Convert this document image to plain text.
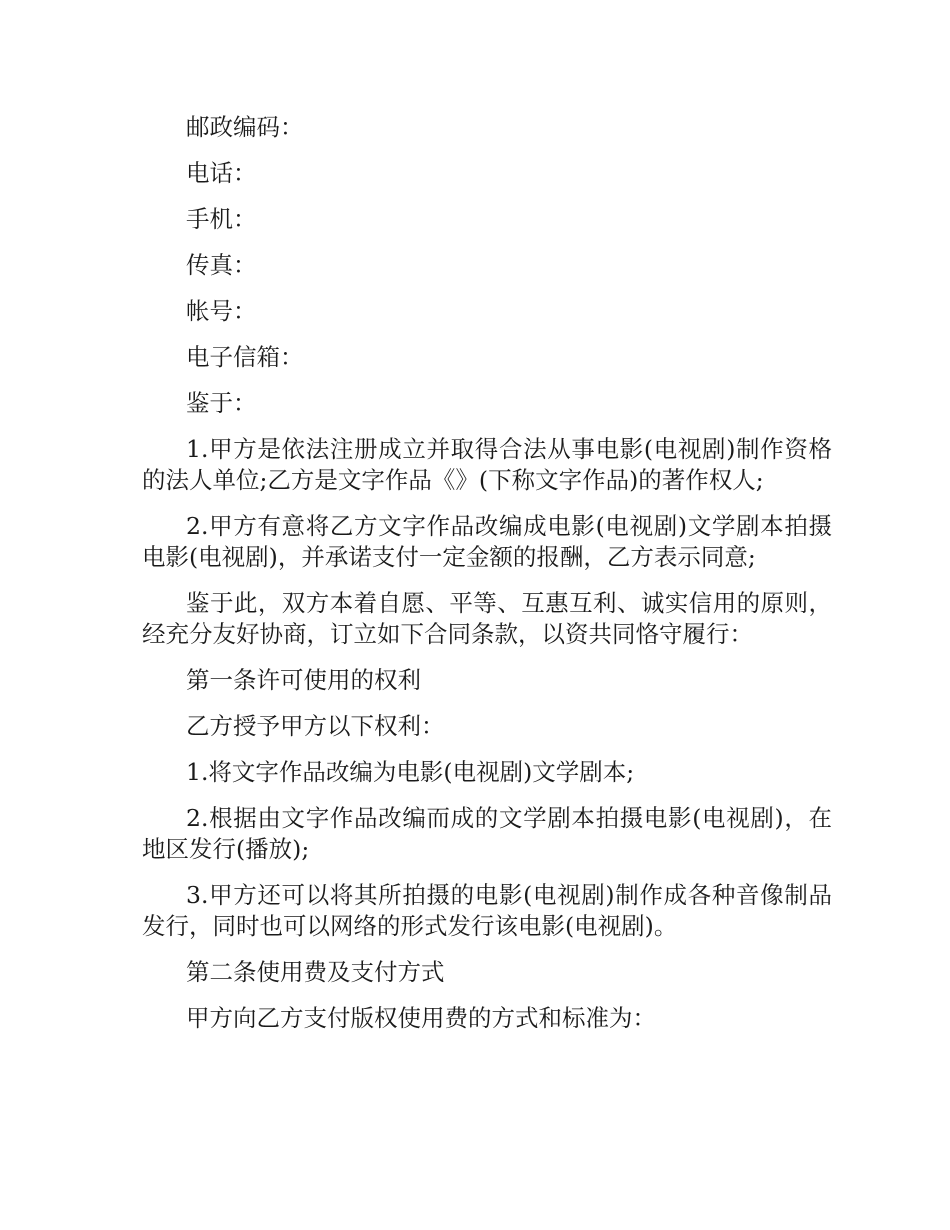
邮政编码：

电话：

手机：

传真：

帐号：

电子信箱：

鉴于：

1.甲方是依法注册成立并取得合法从事电影(电视剧)制作资格的法人单位;乙方是文字作品《》(下称文字作品)的著作权人;

2.甲方有意将乙方文字作品改编成电影(电视剧)文学剧本拍摄电影(电视剧)，并承诺支付一定金额的报酬，乙方表示同意;

鉴于此，双方本着自愿、平等、互惠互利、诚实信用的原则，经充分友好协商，订立如下合同条款，以资共同恪守履行：

第一条许可使用的权利

乙方授予甲方以下权利：

1.将文字作品改编为电影(电视剧)文学剧本;

2.根据由文字作品改编而成的文学剧本拍摄电影(电视剧)，在地区发行(播放);

3.甲方还可以将其所拍摄的电影(电视剧)制作成各种音像制品发行，同时也可以网络的形式发行该电影(电视剧)。

第二条使用费及支付方式

甲方向乙方支付版权使用费的方式和标准为：
